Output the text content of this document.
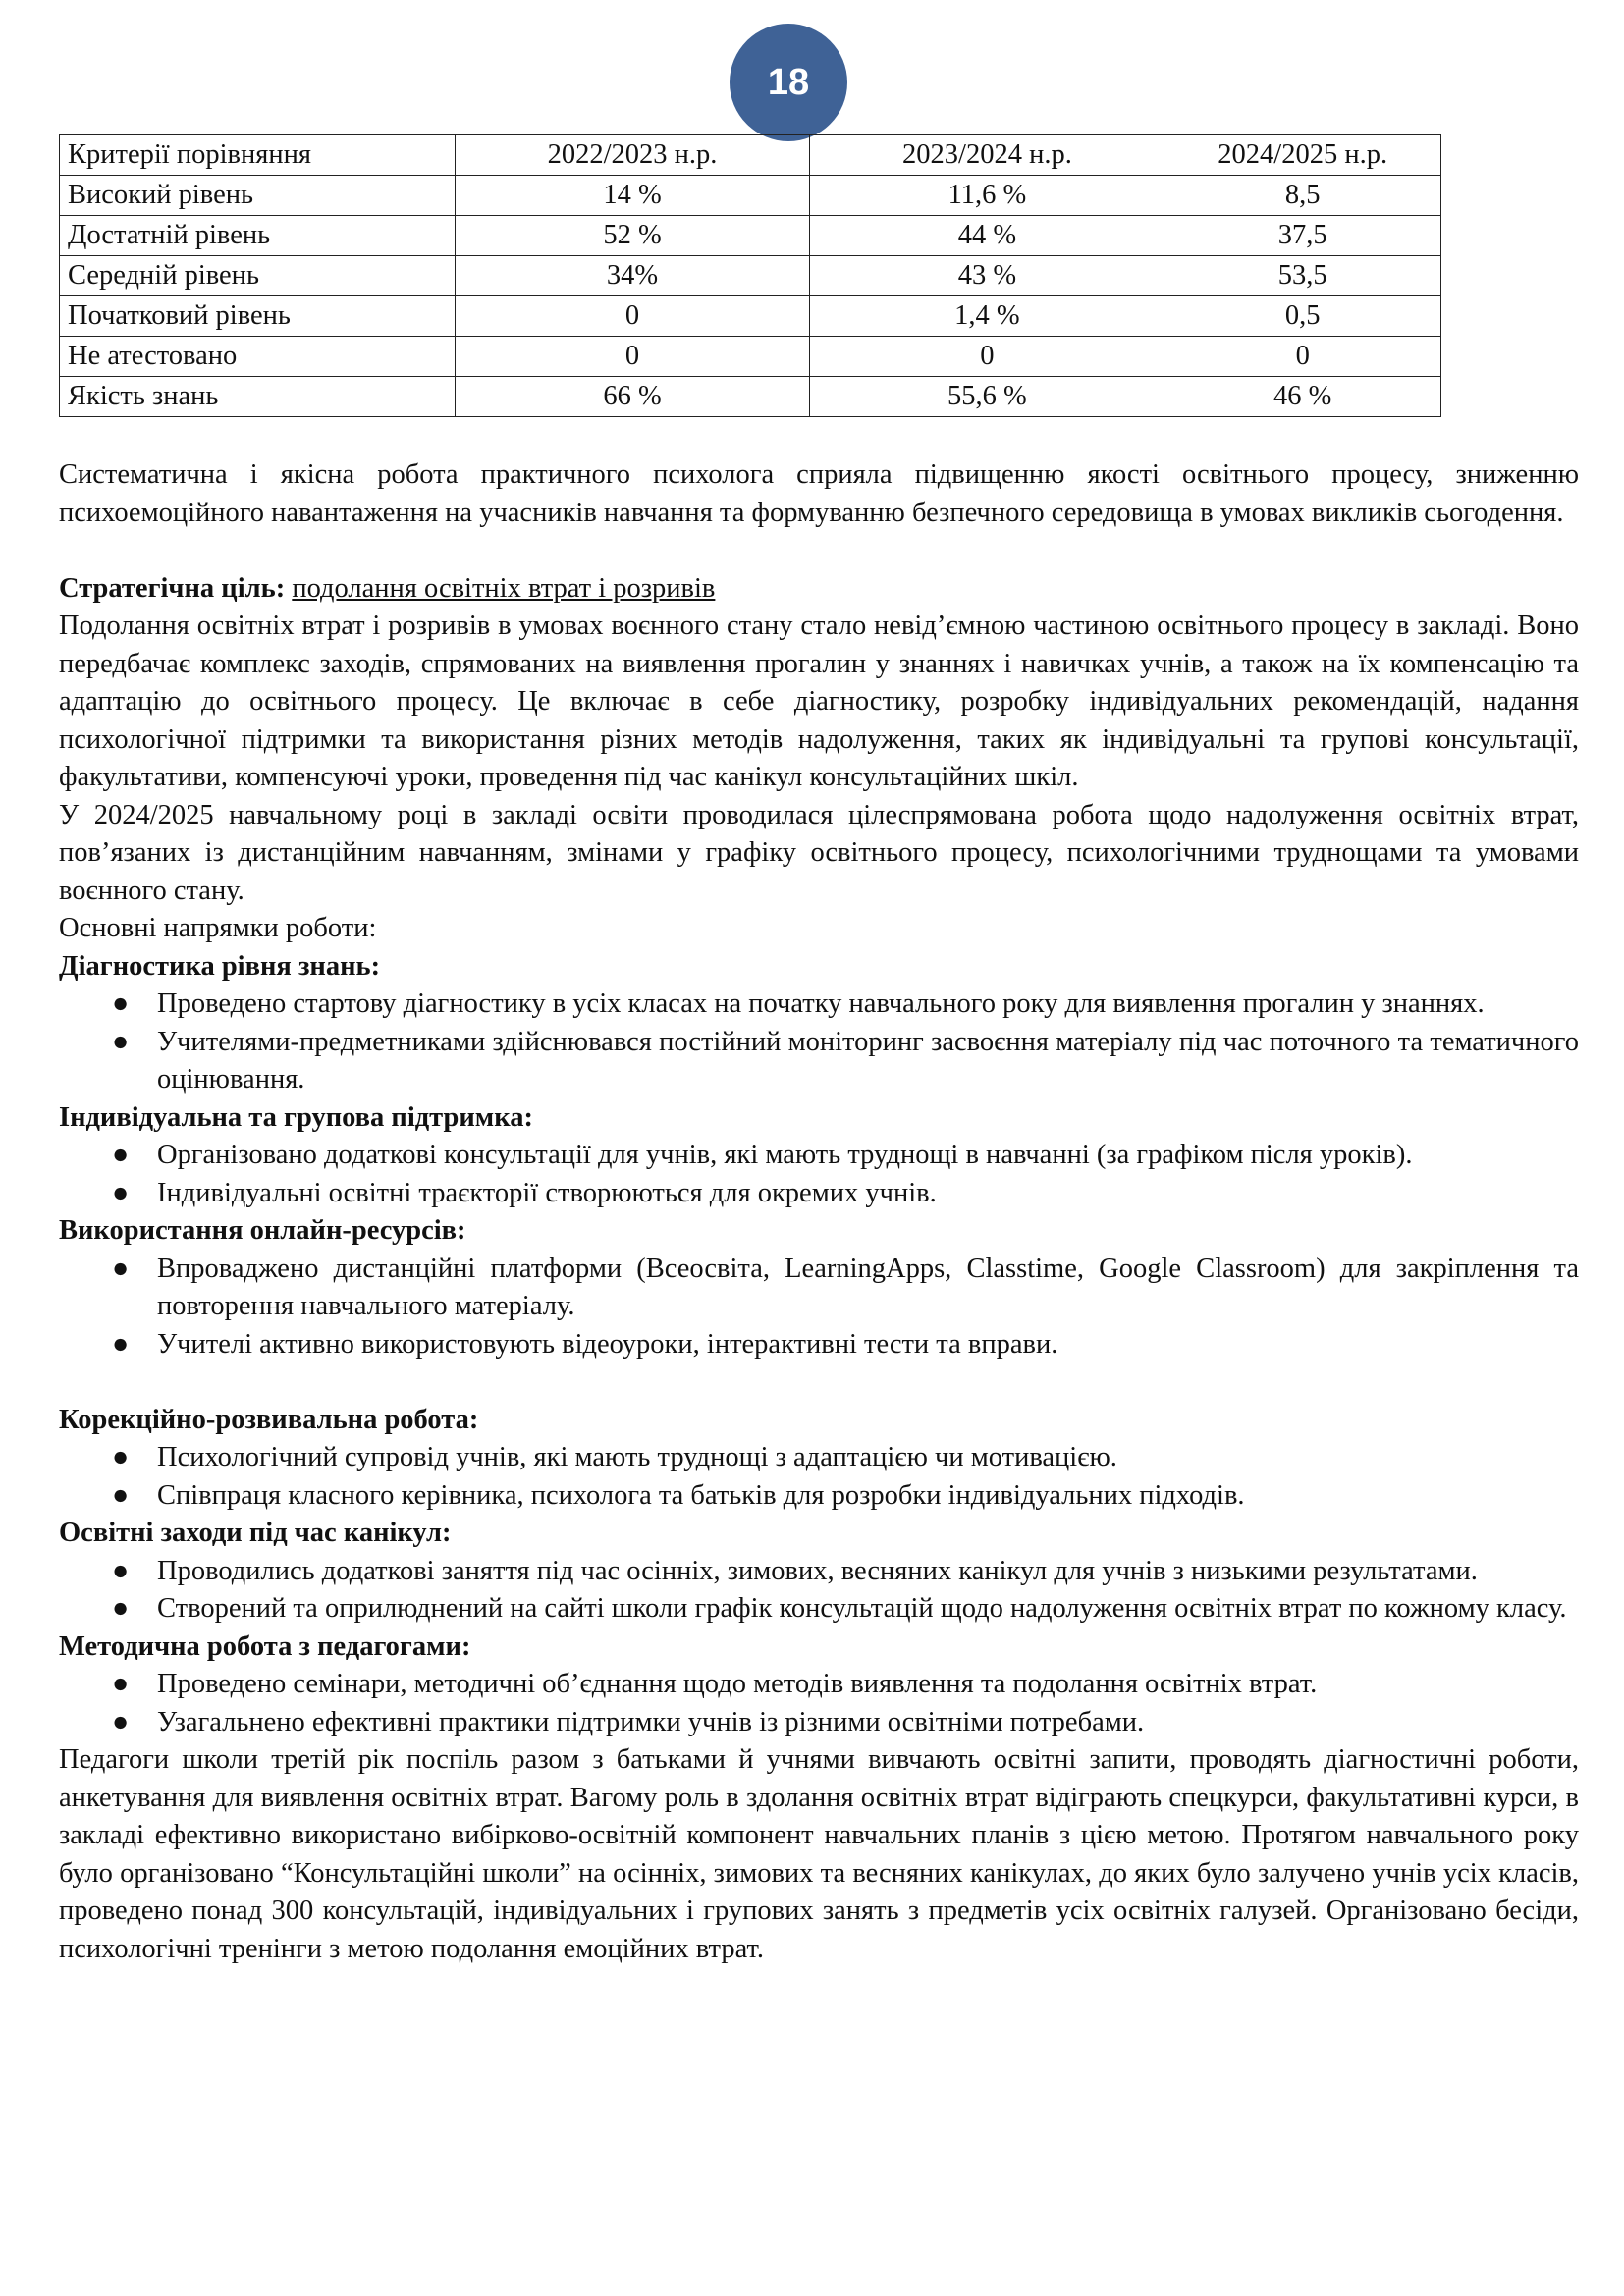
18
Критерії порівняння	2022/2023 н.р.	2023/2024 н.р.	2024/2025 н.р.
Високий рівень	14 %	11,6 %	8,5
Достатній рівень	52 %	44 %	37,5
Середній рівень	34%	43 %	53,5
Початковий рівень	0	1,4 %	0,5
Не атестовано	0	0	0
Якість знань	66 %	55,6 %	46 %

Систематична і якісна робота практичного психолога сприяла підвищенню якості освітнього процесу, зниженню психоемоційного навантаження на учасників навчання та формуванню безпечного середовища в умовах викликів сьогодення.

Стратегічна ціль: подолання освітніх втрат і розривів

Подолання освітніх втрат і розривів в умовах воєнного стану стало невід’ємною частиною освітнього процесу в закладі. Воно передбачає комплекс заходів, спрямованих на виявлення прогалин у знаннях і навичках учнів, а також на їх компенсацію та адаптацію до освітнього процесу. Це включає в себе діагностику, розробку індивідуальних рекомендацій, надання психологічної підтримки та використання різних методів надолуження, таких як індивідуальні та групові консультації, факультативи, компенсуючі уроки, проведення під час канікул консультаційних шкіл.

У 2024/2025 навчальному році в закладі освіти проводилася цілеспрямована робота щодо надолуження освітніх втрат, пов’язаних із дистанційним навчанням, змінами у графіку освітнього процесу, психологічними труднощами та умовами воєнного стану.

Основні напрямки роботи:

Діагностика рівня знань:

● Проведено стартову діагностику в усіх класах на початку навчального року для виявлення прогалин у знаннях.
● Учителями-предметниками здійснювався постійний моніторинг засвоєння матеріалу під час поточного та тематичного оцінювання.

Індивідуальна та групова підтримка:

● Організовано додаткові консультації для учнів, які мають труднощі в навчанні (за графіком після уроків).
● Індивідуальні освітні траєкторії створюються для окремих учнів.

Використання онлайн-ресурсів:

● Впроваджено дистанційні платформи (Всеосвіта, LearningApps, Classtime, Google Classroom) для закріплення та повторення навчального матеріалу.
● Учителі активно використовують відеоуроки, інтерактивні тести та вправи.

Корекційно-розвивальна робота:

● Психологічний супровід учнів, які мають труднощі з адаптацією чи мотивацією.
● Співпраця класного керівника, психолога та батьків для розробки індивідуальних підходів.

Освітні заходи під час канікул:

● Проводились додаткові заняття під час осінніх, зимових, весняних канікул для учнів з низькими результатами.
● Створений та оприлюднений на сайті школи графік консультацій щодо надолуження освітніх втрат по кожному класу.

Методична робота з педагогами:

● Проведено семінари, методичні об’єднання щодо методів виявлення та подолання освітніх втрат.
● Узагальнено ефективні практики підтримки учнів із різними освітніми потребами.

Педагоги школи третій рік поспіль разом з батьками й учнями вивчають освітні запити, проводять діагностичні роботи, анкетування для виявлення освітніх втрат. Вагому роль в здолання освітніх втрат відіграють спецкурси, факультативні курси, в закладі ефективно використано вибірково-освітній компонент навчальних планів з цією метою. Протягом навчального року було організовано “Консультаційні школи” на осінніх, зимових та весняних канікулах, до яких було залучено учнів усіх класів, проведено понад 300 консультацій, індивідуальних і групових занять з предметів усіх освітніх галузей. Організовано бесіди, психологічні тренінги з метою подолання емоційних втрат.
